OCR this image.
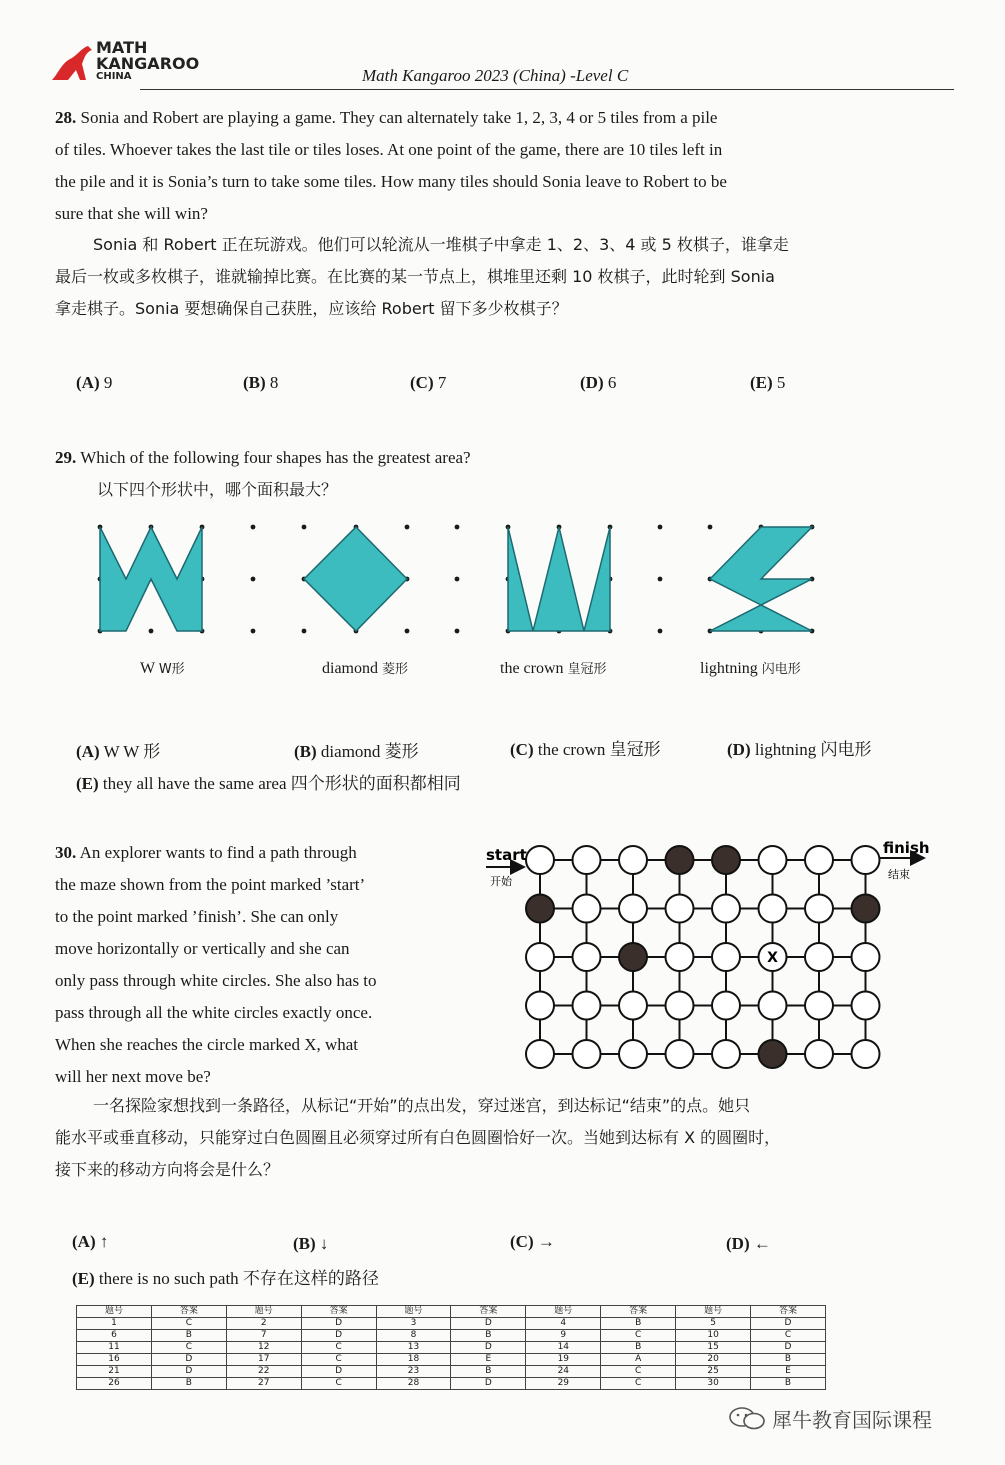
MATH
KANGAROO
CHINA	Math Kangaroo 2023 (China) -Level C
28. Sonia and Robert are playing a game. They can alternately take 1, 2, 3, 4 or 5 tiles from a pile
of tiles. Whoever takes the last tile or tiles loses. At one point of the game, there are 10 tiles left in
the pile and it is Sonia’s turn to take some tiles. How many tiles should Sonia leave to Robert to be
sure that she will win?
Sonia 和 Robert 正在玩游戏。他们可以轮流从一堆棋子中拿走 1、2、3、4 或 5 枚棋子，谁拿走
最后一枚或多枚棋子，谁就输掉比赛。在比赛的某一节点上，棋堆里还剩 10 枚棋子，此时轮到 Sonia
拿走棋子。Sonia 要想确保自己获胜，应该给 Robert 留下多少枚棋子？
(A) 9	(B) 8	(C) 7	(D) 6	(E) 5
29. Which of the following four shapes has the greatest area?
以下四个形状中，哪个面积最大？
W W形	diamond 菱形	the crown 皇冠形	lightning 闪电形
(A) W W 形	(B) diamond 菱形	(C) the crown 皇冠形	(D) lightning 闪电形
(E) they all have the same area 四个形状的面积都相同
30. An explorer wants to find a path through
the maze shown from the point marked ’start’
to the point marked ’finish’. She can only
move horizontally or vertically and she can
only pass through white circles. She also has to
pass through all the white circles exactly once.
When she reaches the circle marked X, what
will her next move be?
X
start
开始
finish
结束
一名探险家想找到一条路径，从标记“开始”的点出发，穿过迷宫，到达标记“结束”的点。她只
能水平或垂直移动，只能穿过白色圆圈且必须穿过所有白色圆圈恰好一次。当她到达标有 X 的圆圈时，
接下来的移动方向将会是什么？
(A) ↑	(B) ↓	(C) →	(D) ←
(E) there is no such path 不存在这样的路径
题号	答案	题号	答案	题号	答案	题号	答案	题号	答案
1	C	2	D	3	D	4	B	5	D
6	B	7	D	8	B	9	C	10	C
11	C	12	C	13	D	14	B	15	D
16	D	17	C	18	E	19	A	20	B
21	D	22	D	23	B	24	C	25	E
26	B	27	C	28	D	29	C	30	B
犀牛教育国际课程
